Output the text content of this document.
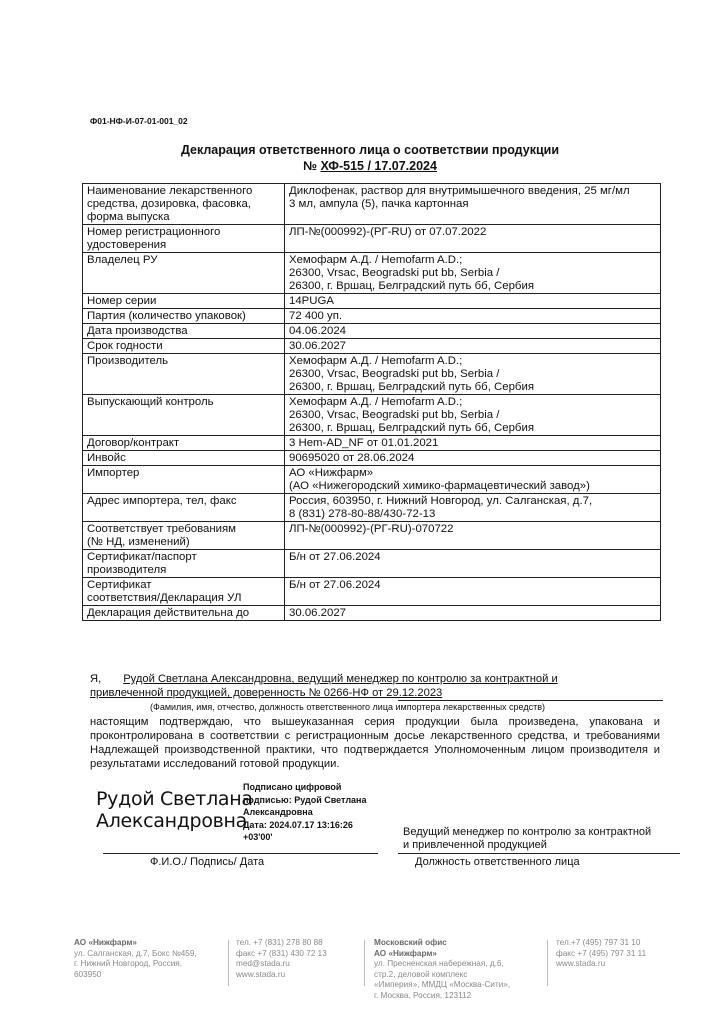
Ф01-НФ-И-07-01-001_02
Декларация ответственного лица о соответствии продукции
№ ХФ-515 / 17.07.2024
Наименование лекарственного
средства, дозировка, фасовка,
форма выпуска	Диклофенак, раствор для внутримышечного введения, 25 мг/мл
3 мл, ампула (5), пачка картонная

Номер регистрационного
удостоверения	ЛП-№(000992)-(РГ-RU) от 07.07.2022

Владелец РУ	Хемофарм А.Д. / Hemofarm A.D.;
26300, Vrsac, Beogradski put bb, Serbia /
26300, г. Вршац, Белградский путь бб, Сербия

Номер серии	14PUGA

Партия (количество упаковок)	72 400 уп.

Дата производства	04.06.2024

Срок годности	30.06.2027

Производитель	Хемофарм А.Д. / Hemofarm A.D.;
26300, Vrsac, Beogradski put bb, Serbia /
26300, г. Вршац, Белградский путь бб, Сербия

Выпускающий контроль	Хемофарм А.Д. / Hemofarm A.D.;
26300, Vrsac, Beogradski put bb, Serbia /
26300, г. Вршац, Белградский путь бб, Сербия

Договор/контракт	3 Hem-AD_NF от 01.01.2021

Инвойс	90695020 от 28.06.2024

Импортер	АО «Нижфарм»
(АО «Нижегородский химико-фармацевтический завод»)

Адрес импортера, тел, факс	Россия, 603950, г. Нижний Новгород, ул. Салганская, д.7,
8 (831) 278-80-88/430-72-13

Соответствует требованиям
(№ НД, изменений)	ЛП-№(000992)-(РГ-RU)-070722

Сертификат/паспорт
производителя	Б/н от 27.06.2024

Сертификат
соответствия/Декларация УЛ	Б/н от 27.06.2024

Декларация действительна до	30.06.2027
Я, Рудой Светлана Александровна, ведущий менеджер по контролю за контрактной и
привлеченной продукцией, доверенность № 0266-НФ от 29.12.2023
(Фамилия, имя, отчество, должность ответственного лица импортера лекарственных средств)
настоящим подтверждаю, что вышеуказанная серия продукции была произведена, упакована и проконтролирована в соответствии с регистрационным досье лекарственного средства, и требованиями Надлежащей производственной практики, что подтверждается Уполномоченным лицом производителя и результатами исследований готовой продукции.
Рудой Светлана
Александровна
Подписано цифровой
подписью: Рудой Светлана
Александровна
Дата: 2024.07.17 13:16:26
+03'00'	Ведущий менеджер по контролю за контрактной
и привлеченной продукцией
Ф.И.О./ Подпись/ Дата	Должность ответственного лица
АО «Нижфарм»
ул. Салганская, д.7, Бокс №459,
г. Нижний Новгород, Россия,
603950
тел. +7 (831) 278 80 88
факс +7 (831) 430 72 13
med@stada.ru
www.stada.ru
Московский офис
АО «Нижфарм»
ул. Пресненская набережная, д.6,
стр.2, деловой комплекс
«Империя», ММДЦ «Москва-Сити»,
г. Москва, Россия, 123112
тел.+7 (495) 797 31 10
факс +7 (495) 797 31 11
www.stada.ru
